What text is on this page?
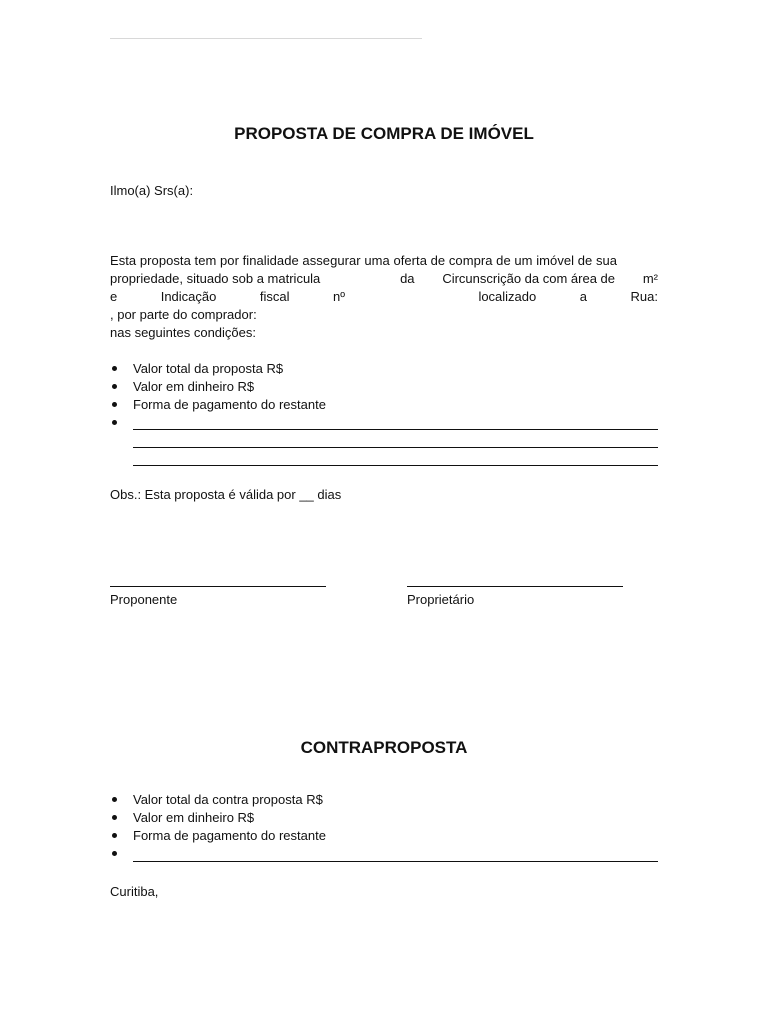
PROPOSTA DE COMPRA DE IMÓVEL
Ilmo(a) Srs(a):
Esta proposta tem por finalidade assegurar uma oferta de compra de um imóvel de sua
propriedade, situado sob a matricula	da Circunscrição da com área de m²
e	Indicação	fiscal	nº	localizado	a	Rua:
, por parte do comprador:
nas seguintes condições:
Valor total da proposta R$
Valor em dinheiro R$
Forma de pagamento do restante
Obs.: Esta proposta é válida por __ dias
Proponente	Proprietário
CONTRAPROPOSTA
Valor total da contra proposta R$
Valor em dinheiro R$
Forma de pagamento do restante
Curitiba,
